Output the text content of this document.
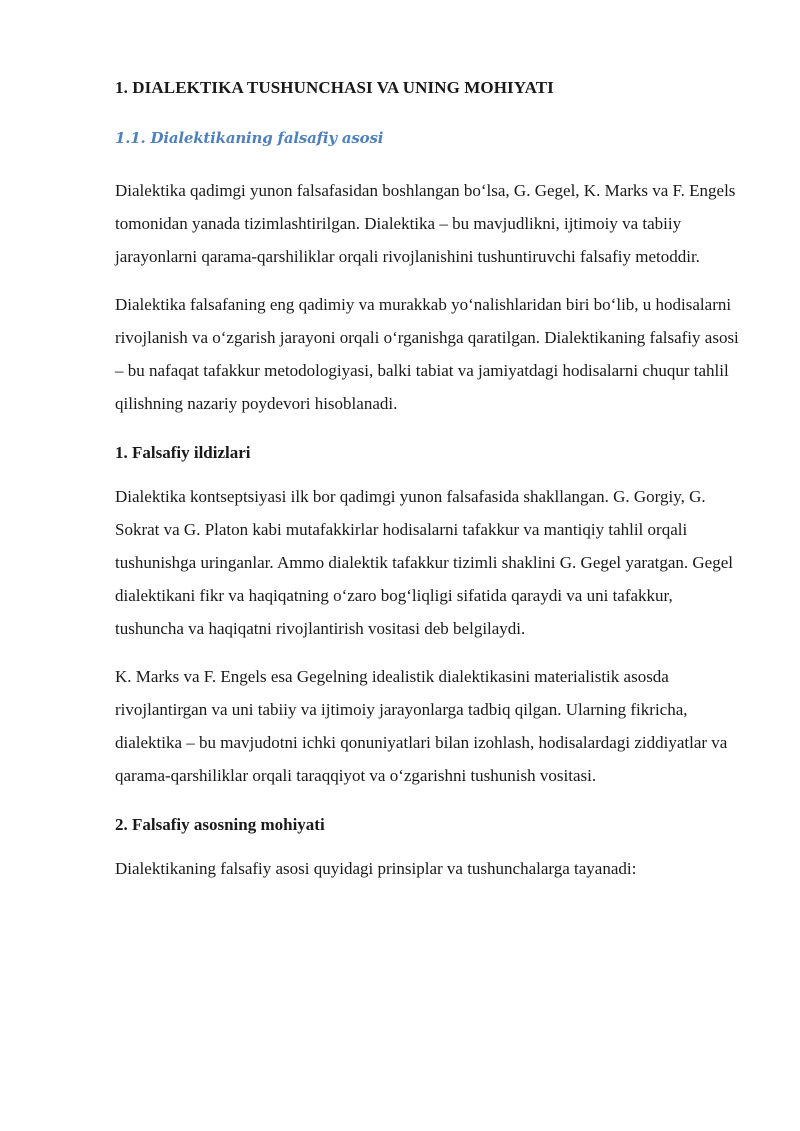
1. DIALEKTIKA TUSHUNCHASI VA UNING MOHIYATI
1.1. Dialektikaning falsafiy asosi

Dialektika qadimgi yunon falsafasidan boshlangan bo‘lsa, G. Gegel, K. Marks va F. Engels tomonidan yanada tizimlashtirilgan. Dialektika – bu mavjudlikni, ijtimoiy va tabiiy jarayonlarni qarama-qarshiliklar orqali rivojlanishini tushuntiruvchi falsafiy metoddir.

Dialektika falsafaning eng qadimiy va murakkab yo‘nalishlaridan biri bo‘lib, u hodisalarni rivojlanish va o‘zgarish jarayoni orqali o‘rganishga qaratilgan. Dialektikaning falsafiy asosi – bu nafaqat tafakkur metodologiyasi, balki tabiat va jamiyatdagi hodisalarni chuqur tahlil qilishning nazariy poydevori hisoblanadi.

1. Falsafiy ildizlari

Dialektika kontseptsiyasi ilk bor qadimgi yunon falsafasida shakllangan. G. Gorgiy, G. Sokrat va G. Platon kabi mutafakkirlar hodisalarni tafakkur va mantiqiy tahlil orqali tushunishga uringanlar. Ammo dialektik tafakkur tizimli shaklini G. Gegel yaratgan. Gegel dialektikani fikr va haqiqatning o‘zaro bog‘liqligi sifatida qaraydi va uni tafakkur, tushuncha va haqiqatni rivojlantirish vositasi deb belgilaydi.

K. Marks va F. Engels esa Gegelning idealistik dialektikasini materialistik asosda rivojlantirgan va uni tabiiy va ijtimoiy jarayonlarga tadbiq qilgan. Ularning fikricha, dialektika – bu mavjudotni ichki qonuniyatlari bilan izohlash, hodisalardagi ziddiyatlar va qarama-qarshiliklar orqali taraqqiyot va o‘zgarishni tushunish vositasi.

2. Falsafiy asosning mohiyati

Dialektikaning falsafiy asosi quyidagi prinsiplar va tushunchalarga tayanadi:
